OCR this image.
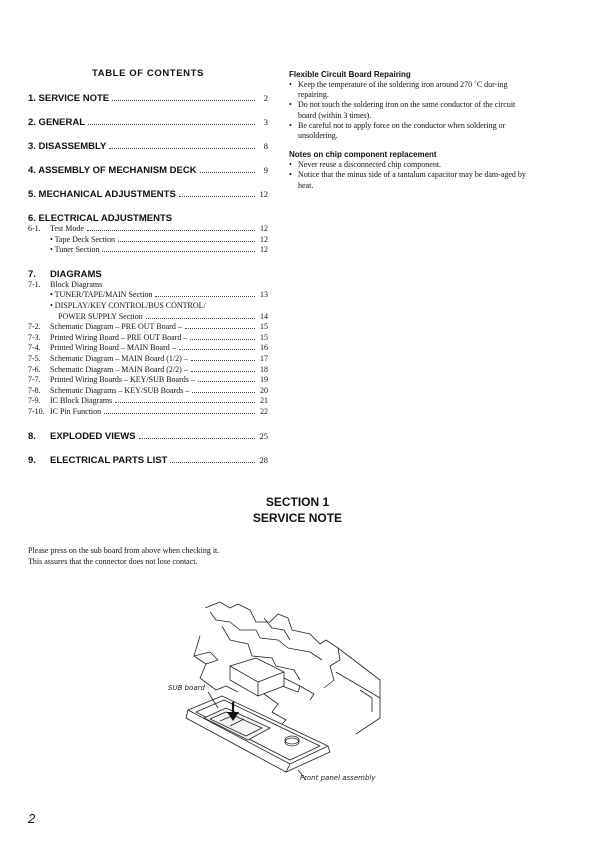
TABLE OF CONTENTS
1. SERVICE NOTE	2
2. GENERAL	3
3. DISASSEMBLY	8
4. ASSEMBLY OF MECHANISM DECK	9
5. MECHANICAL ADJUSTMENTS	12
6. ELECTRICAL ADJUSTMENTS
6-1.	Test Mode	12
• Tape Deck Section	12
• Tuner Section	12
7. DIAGRAMS
7-1.	Block Diagrams
• TUNER/TAPE/MAIN Section	13
• DISPLAY/KEY CONTROL/BUS CONTROL/
POWER SUPPLY Section	14
7-2.	Schematic Diagram – PRE OUT Board –	15
7-3.	Printed Wiring Board – PRE OUT Board –	15
7-4.	Printed Wiring Board – MAIN Board –	16
7-5.	Schematic Diagram – MAIN Board (1/2) –	17
7-6.	Schematic Diagram – MAIN Board (2/2) –	18
7-7.	Printed Wiring Boards – KEY/SUB Boards –	19
7-8.	Schematic Diagrams – KEY/SUB Boards –	20
7-9.	IC Block Diagrams	21
7-10. IC Pin Function	22
8. EXPLODED VIEWS	25
9. ELECTRICAL PARTS LIST	28
Flexible Circuit Board Repairing
• Keep the temperature of the soldering iron around 270 ˚C dur-ing repairing.
• Do not touch the soldering iron on the same conductor of the circuit board (within 3 times).
• Be careful not to apply force on the conductor when soldering or unsoldering.
Notes on chip component replacement
• Never reuse a disconnected chip component.
• Notice that the minus side of a tantalum capacitor may be dam-aged by heat.
SECTION 1
SERVICE NOTE
Please press on the sub board from above when checking it.
This assures that the connector does not lose contact.
SUB board
Front panel assembly
2
